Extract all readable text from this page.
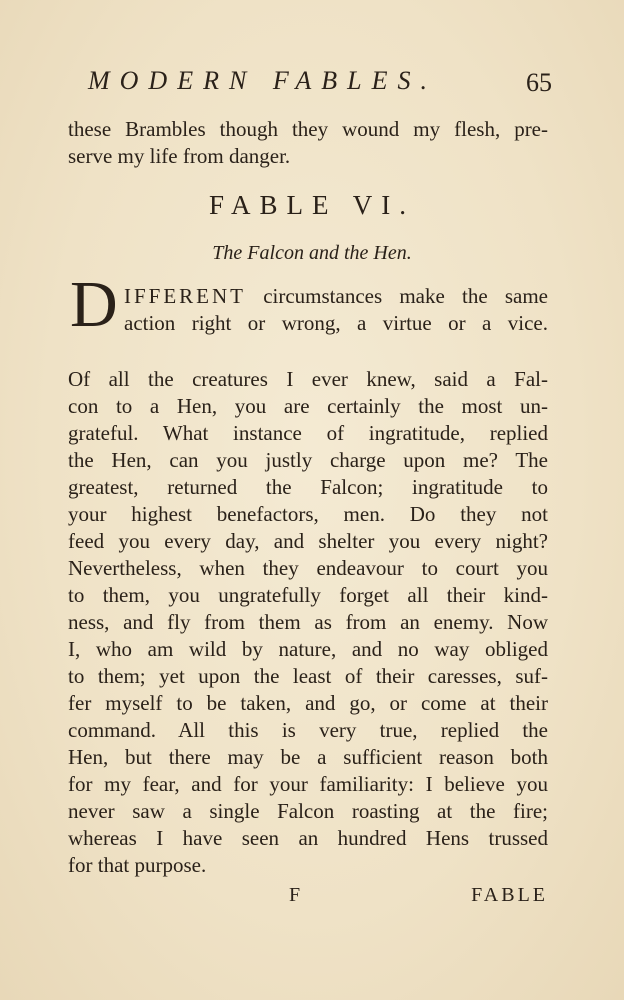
MODERN FABLES.	65
these Brambles though they wound my flesh, pre-
serve my life from danger.
FABLE VI.
The Falcon and the Hen.
D IFFERENT circumstances make the same
action right or wrong, a virtue or a vice.
Of all the creatures I ever knew, said a Fal-
con to a Hen, you are certainly the most un-
grateful. What instance of ingratitude, replied
the Hen, can you justly charge upon me? The
greatest, returned the Falcon; ingratitude to
your highest benefactors, men. Do they not
feed you every day, and shelter you every night?
Nevertheless, when they endeavour to court you
to them, you ungratefully forget all their kind-
ness, and fly from them as from an enemy. Now
I, who am wild by nature, and no way obliged
to them; yet upon the least of their caresses, suf-
fer myself to be taken, and go, or come at their
command. All this is very true, replied the
Hen, but there may be a sufficient reason both
for my fear, and for your familiarity: I believe you
never saw a single Falcon roasting at the fire;
whereas I have seen an hundred Hens trussed
for that purpose.
F	FABLE
